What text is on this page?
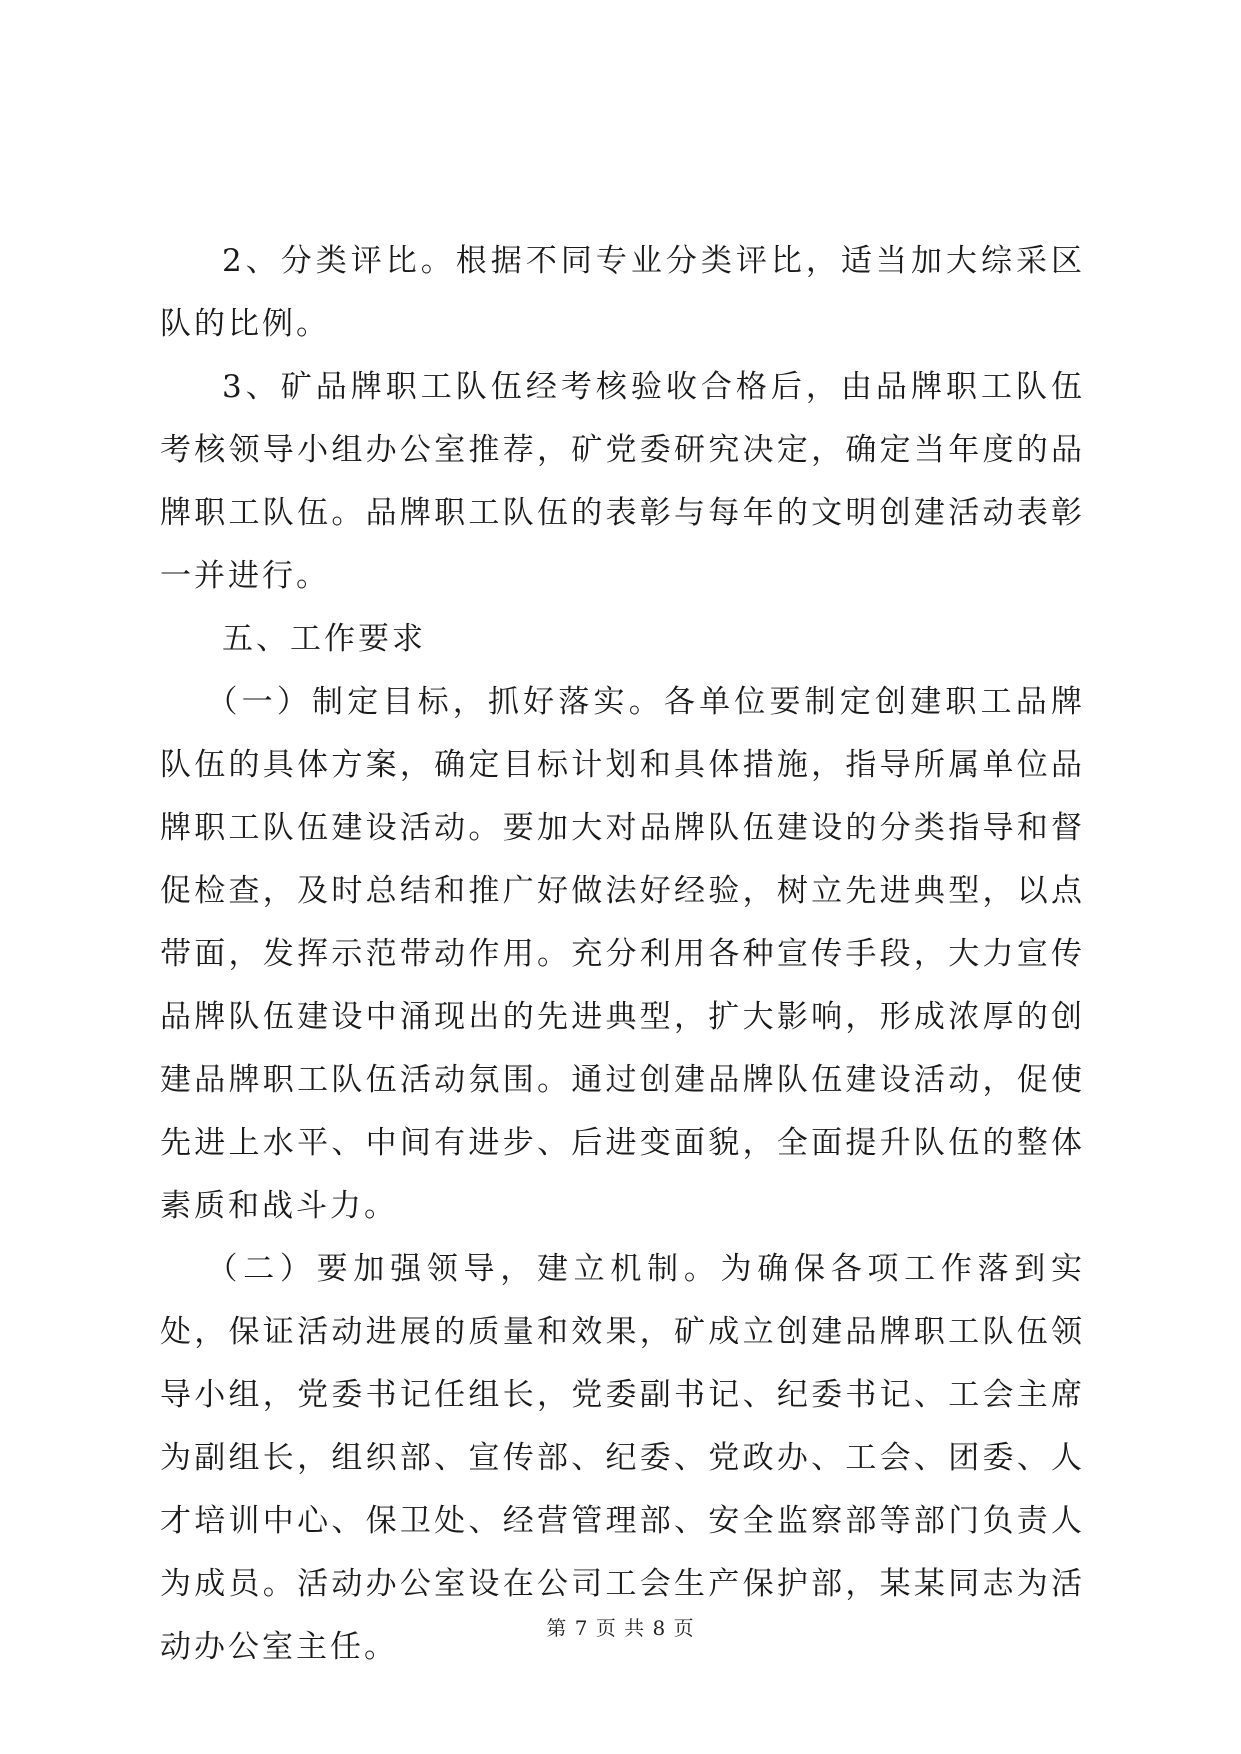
2、分类评比。根据不同专业分类评比，适当加大综采区队的比例。

3、矿品牌职工队伍经考核验收合格后，由品牌职工队伍考核领导小组办公室推荐，矿党委研究决定，确定当年度的品牌职工队伍。品牌职工队伍的表彰与每年的文明创建活动表彰一并进行。

五、工作要求

（一）制定目标，抓好落实。各单位要制定创建职工品牌队伍的具体方案，确定目标计划和具体措施，指导所属单位品牌职工队伍建设活动。要加大对品牌队伍建设的分类指导和督促检查，及时总结和推广好做法好经验，树立先进典型，以点带面，发挥示范带动作用。充分利用各种宣传手段，大力宣传品牌队伍建设中涌现出的先进典型，扩大影响，形成浓厚的创建品牌职工队伍活动氛围。通过创建品牌队伍建设活动，促使先进上水平、中间有进步、后进变面貌，全面提升队伍的整体素质和战斗力。

（二）要加强领导，建立机制。为确保各项工作落到实处，保证活动进展的质量和效果，矿成立创建品牌职工队伍领导小组，党委书记任组长，党委副书记、纪委书记、工会主席为副组长，组织部、宣传部、纪委、党政办、工会、团委、人才培训中心、保卫处、经营管理部、安全监察部等部门负责人为成员。活动办公室设在公司工会生产保护部，某某同志为活动办公室主任。

第 7 页 共 8 页
